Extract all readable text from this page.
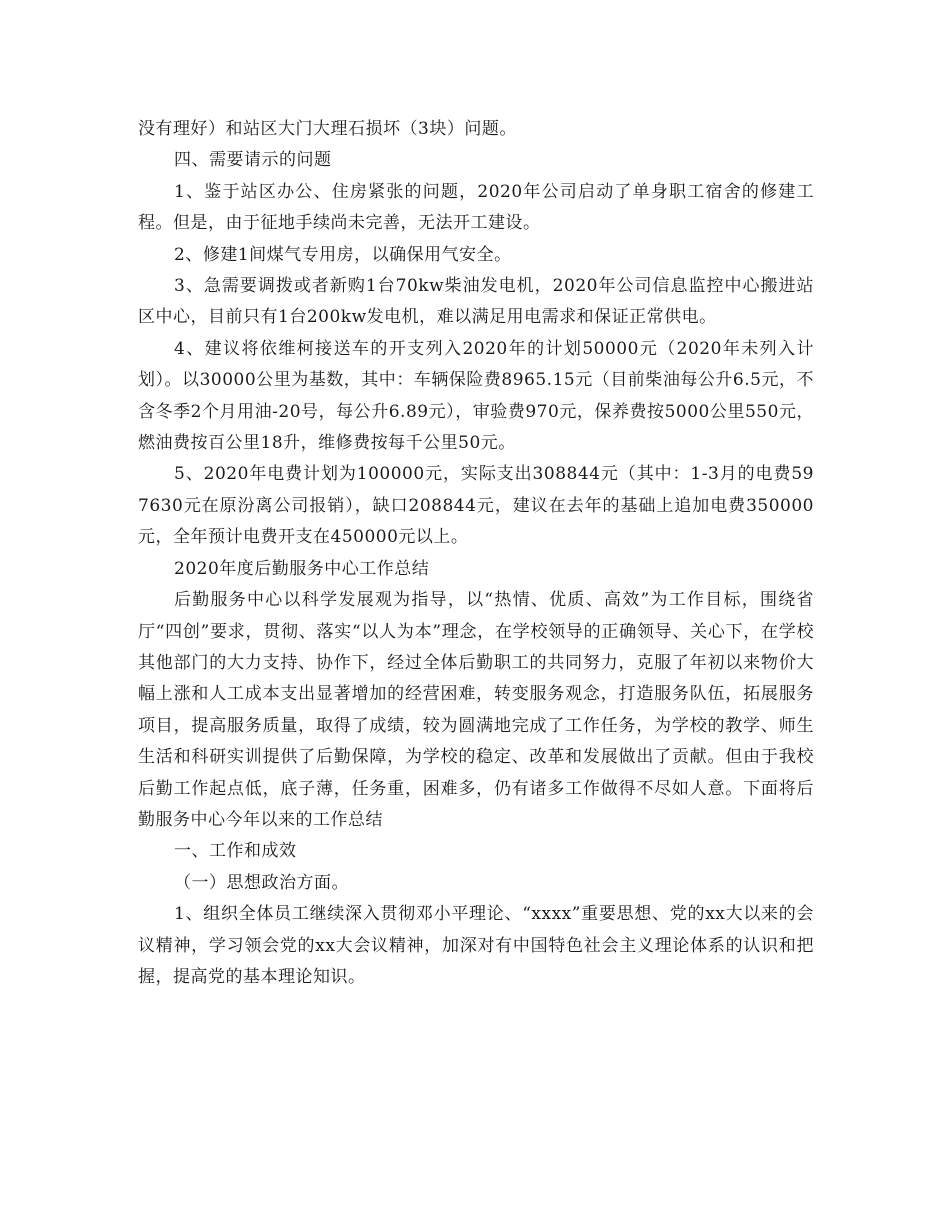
没有理好）和站区大门大理石损坏（3块）问题。

四、需要请示的问题

1、鉴于站区办公、住房紧张的问题，2020年公司启动了单身职工宿舍的修建工程。但是，由于征地手续尚未完善，无法开工建设。

2、修建1间煤气专用房，以确保用气安全。

3、急需要调拨或者新购1台70kw柴油发电机，2020年公司信息监控中心搬进站区中心，目前只有1台200kw发电机，难以满足用电需求和保证正常供电。

4、建议将依维柯接送车的开支列入2020年的计划50000元（2020年未列入计划）。以30000公里为基数，其中：车辆保险费8965.15元（目前柴油每公升6.5元，不含冬季2个月用油-20号，每公升6.89元），审验费970元，保养费按5000公里550元，燃油费按百公里18升，维修费按每千公里50元。

5、2020年电费计划为100000元，实际支出308844元（其中：1-3月的电费597630元在原汾离公司报销），缺口208844元，建议在去年的基础上追加电费350000元，全年预计电费开支在450000元以上。

2020年度后勤服务中心工作总结

后勤服务中心以科学发展观为指导，以“热情、优质、高效”为工作目标，围绕省厅“四创”要求，贯彻、落实“以人为本”理念，在学校领导的正确领导、关心下，在学校其他部门的大力支持、协作下，经过全体后勤职工的共同努力，克服了年初以来物价大幅上涨和人工成本支出显著增加的经营困难，转变服务观念，打造服务队伍，拓展服务项目，提高服务质量，取得了成绩，较为圆满地完成了工作任务，为学校的教学、师生生活和科研实训提供了后勤保障，为学校的稳定、改革和发展做出了贡献。但由于我校后勤工作起点低，底子薄，任务重，困难多，仍有诸多工作做得不尽如人意。下面将后勤服务中心今年以来的工作总结

一、工作和成效

（一）思想政治方面。

1、组织全体员工继续深入贯彻邓小平理论、“xxxx”重要思想、党的xx大以来的会议精神，学习领会党的xx大会议精神，加深对有中国特色社会主义理论体系的认识和把握，提高党的基本理论知识。
